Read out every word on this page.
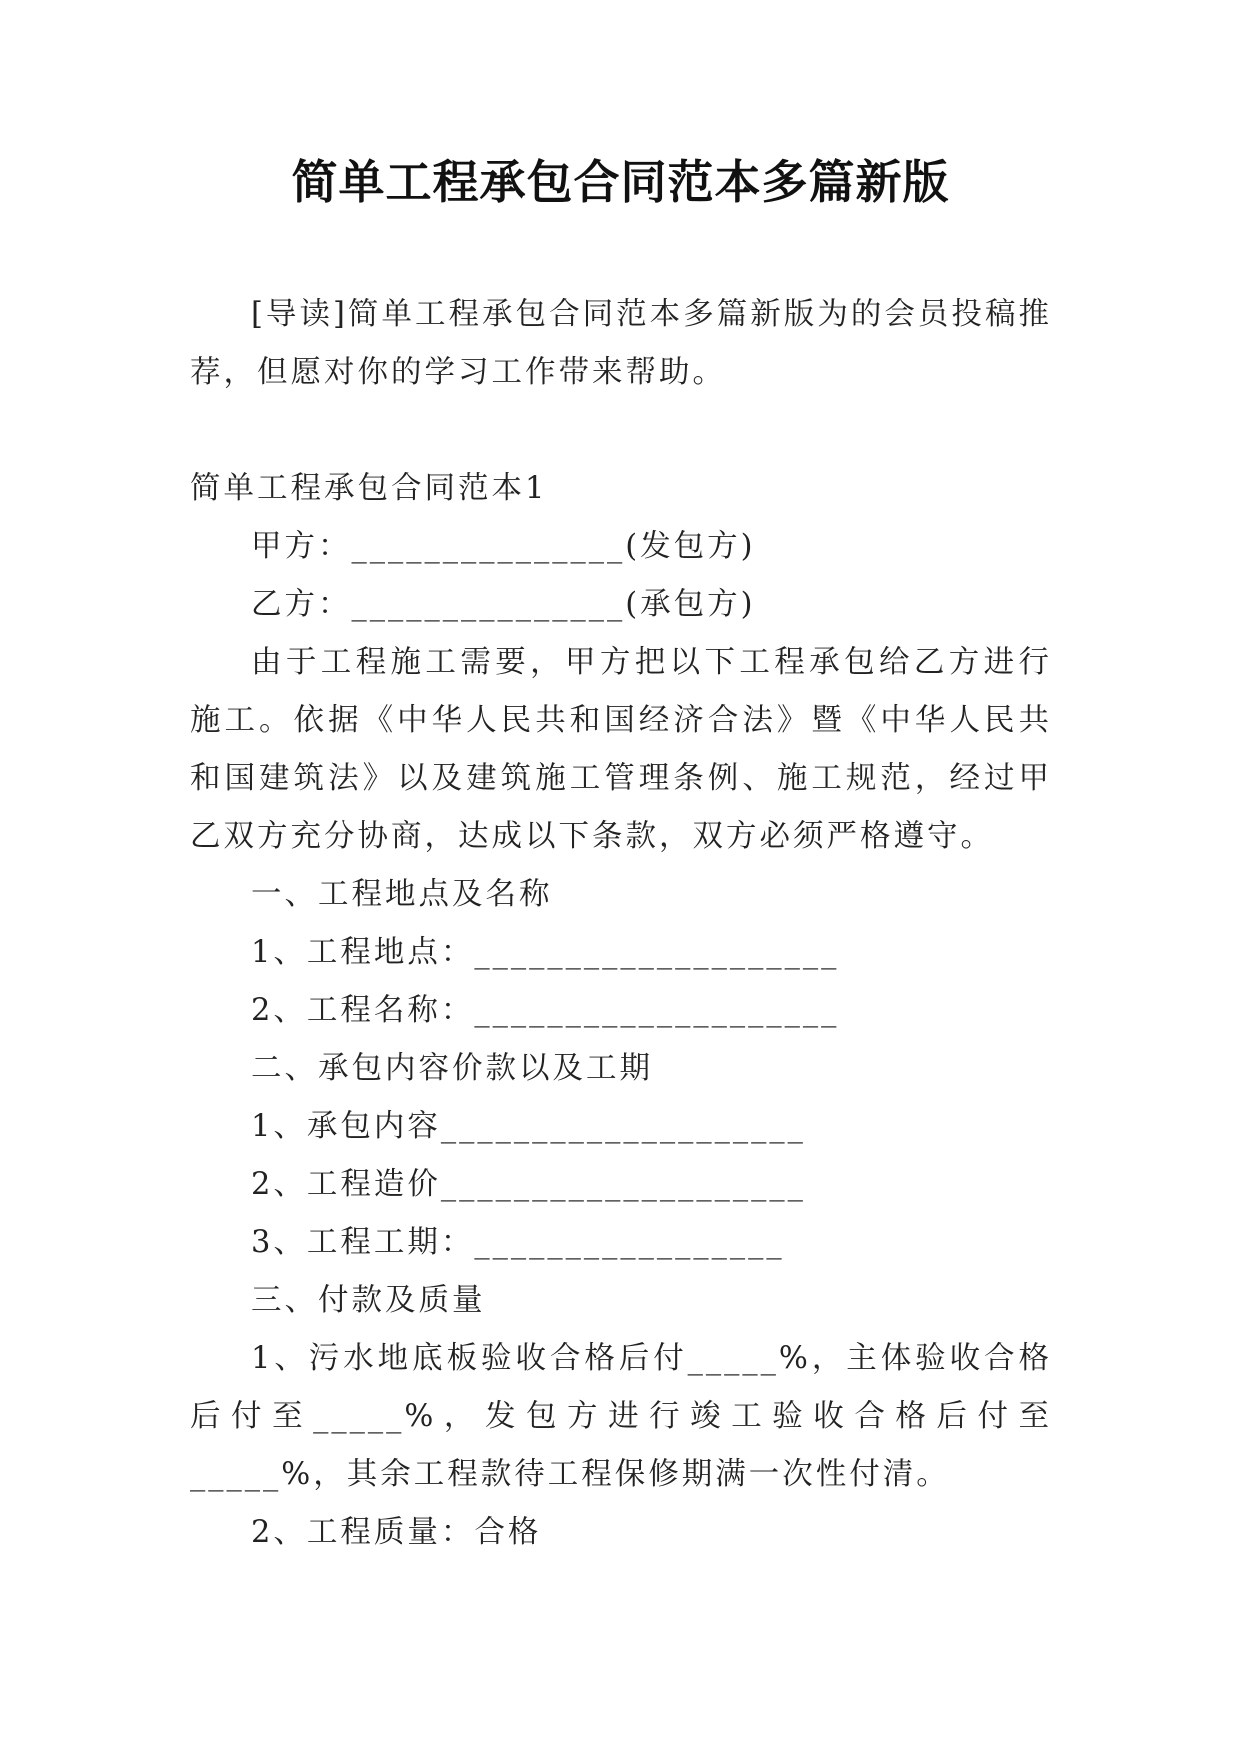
简单工程承包合同范本多篇新版

[导读]简单工程承包合同范本多篇新版为的会员投稿推荐，但愿对你的学习工作带来帮助。

简单工程承包合同范本1

甲方：_______________(发包方)

乙方：_______________(承包方)

由于工程施工需要，甲方把以下工程承包给乙方进行施工。依据《中华人民共和国经济合法》暨《中华人民共和国建筑法》以及建筑施工管理条例、施工规范，经过甲乙双方充分协商，达成以下条款，双方必须严格遵守。

一、工程地点及名称

1、工程地点：____________________

2、工程名称：____________________

二、承包内容价款以及工期

1、承包内容____________________

2、工程造价____________________

3、工程工期：_________________

三、付款及质量

1、污水地底板验收合格后付_____%，主体验收合格后付至_____%，发包方进行竣工验收合格后付至_____%，其余工程款待工程保修期满一次性付清。

2、工程质量：合格
